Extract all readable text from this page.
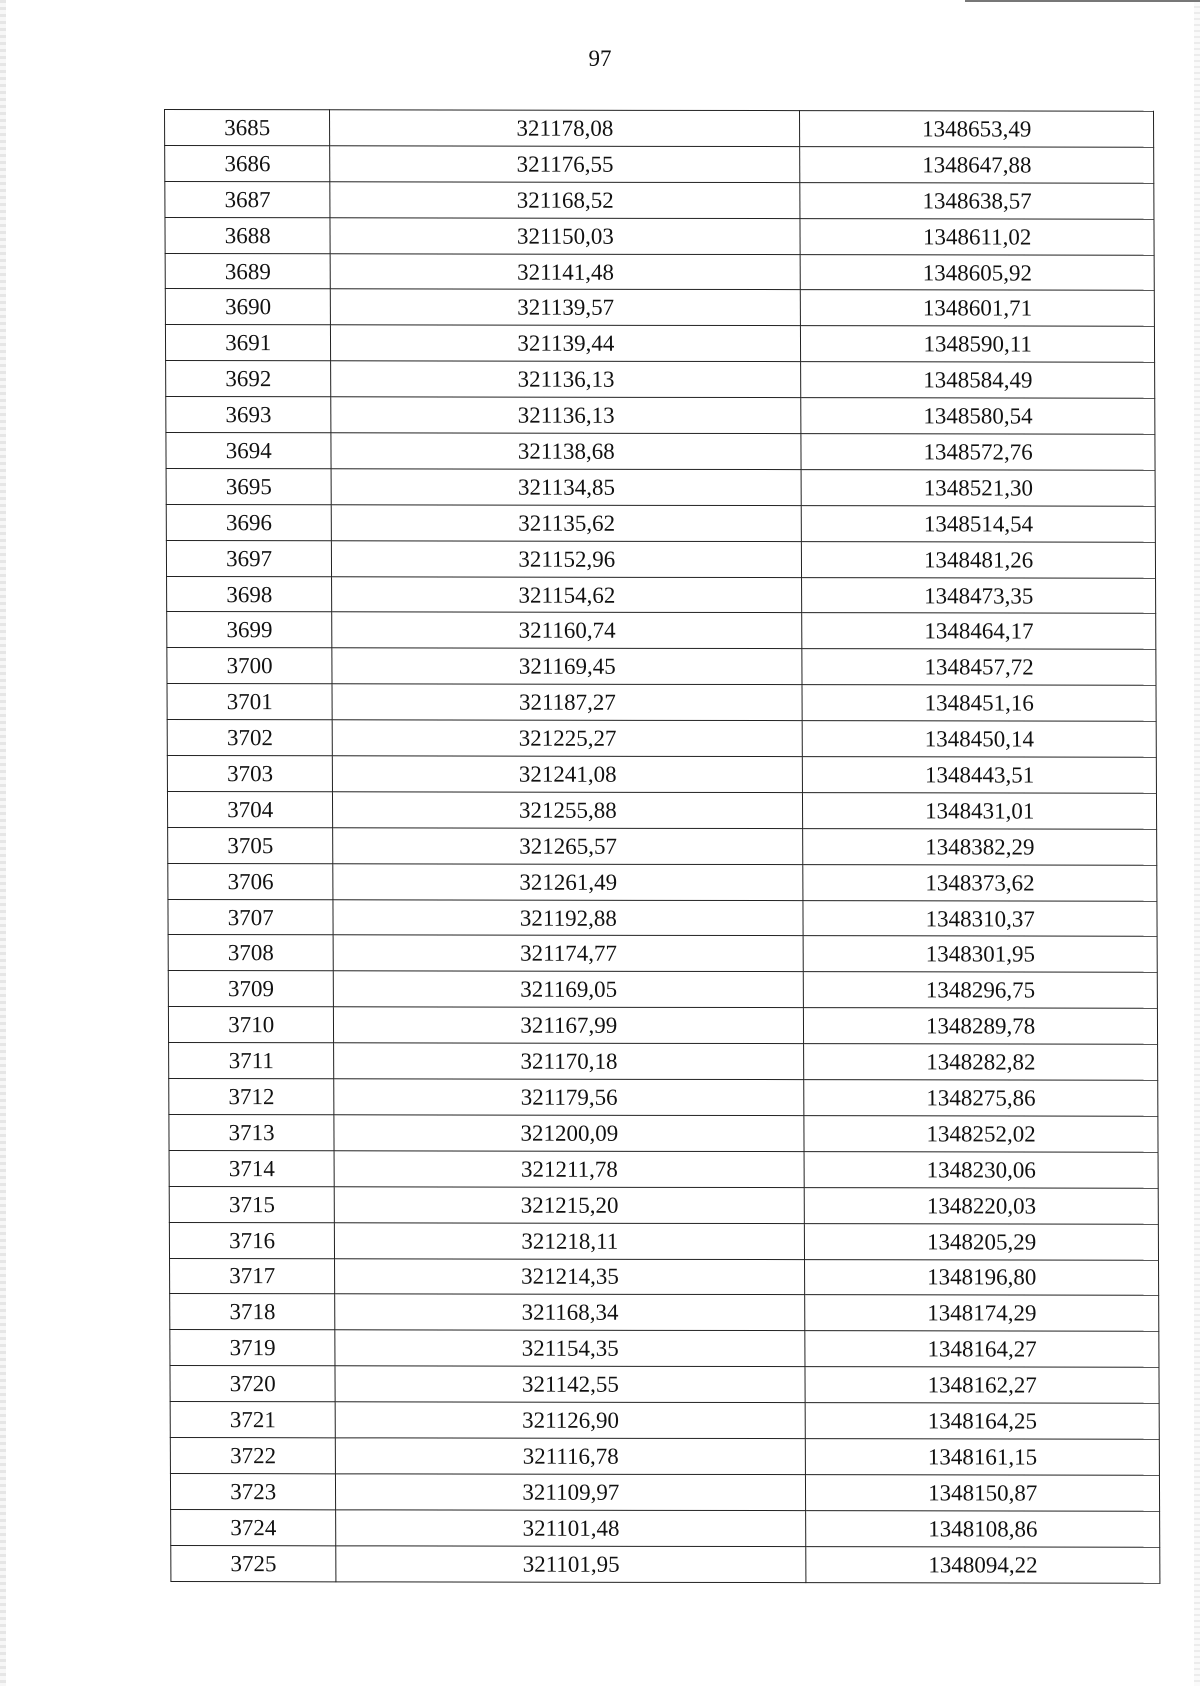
97
3685	321178,08	1348653,49
3686	321176,55	1348647,88
3687	321168,52	1348638,57
3688	321150,03	1348611,02
3689	321141,48	1348605,92
3690	321139,57	1348601,71
3691	321139,44	1348590,11
3692	321136,13	1348584,49
3693	321136,13	1348580,54
3694	321138,68	1348572,76
3695	321134,85	1348521,30
3696	321135,62	1348514,54
3697	321152,96	1348481,26
3698	321154,62	1348473,35
3699	321160,74	1348464,17
3700	321169,45	1348457,72
3701	321187,27	1348451,16
3702	321225,27	1348450,14
3703	321241,08	1348443,51
3704	321255,88	1348431,01
3705	321265,57	1348382,29
3706	321261,49	1348373,62
3707	321192,88	1348310,37
3708	321174,77	1348301,95
3709	321169,05	1348296,75
3710	321167,99	1348289,78
3711	321170,18	1348282,82
3712	321179,56	1348275,86
3713	321200,09	1348252,02
3714	321211,78	1348230,06
3715	321215,20	1348220,03
3716	321218,11	1348205,29
3717	321214,35	1348196,80
3718	321168,34	1348174,29
3719	321154,35	1348164,27
3720	321142,55	1348162,27
3721	321126,90	1348164,25
3722	321116,78	1348161,15
3723	321109,97	1348150,87
3724	321101,48	1348108,86
3725	321101,95	1348094,22
